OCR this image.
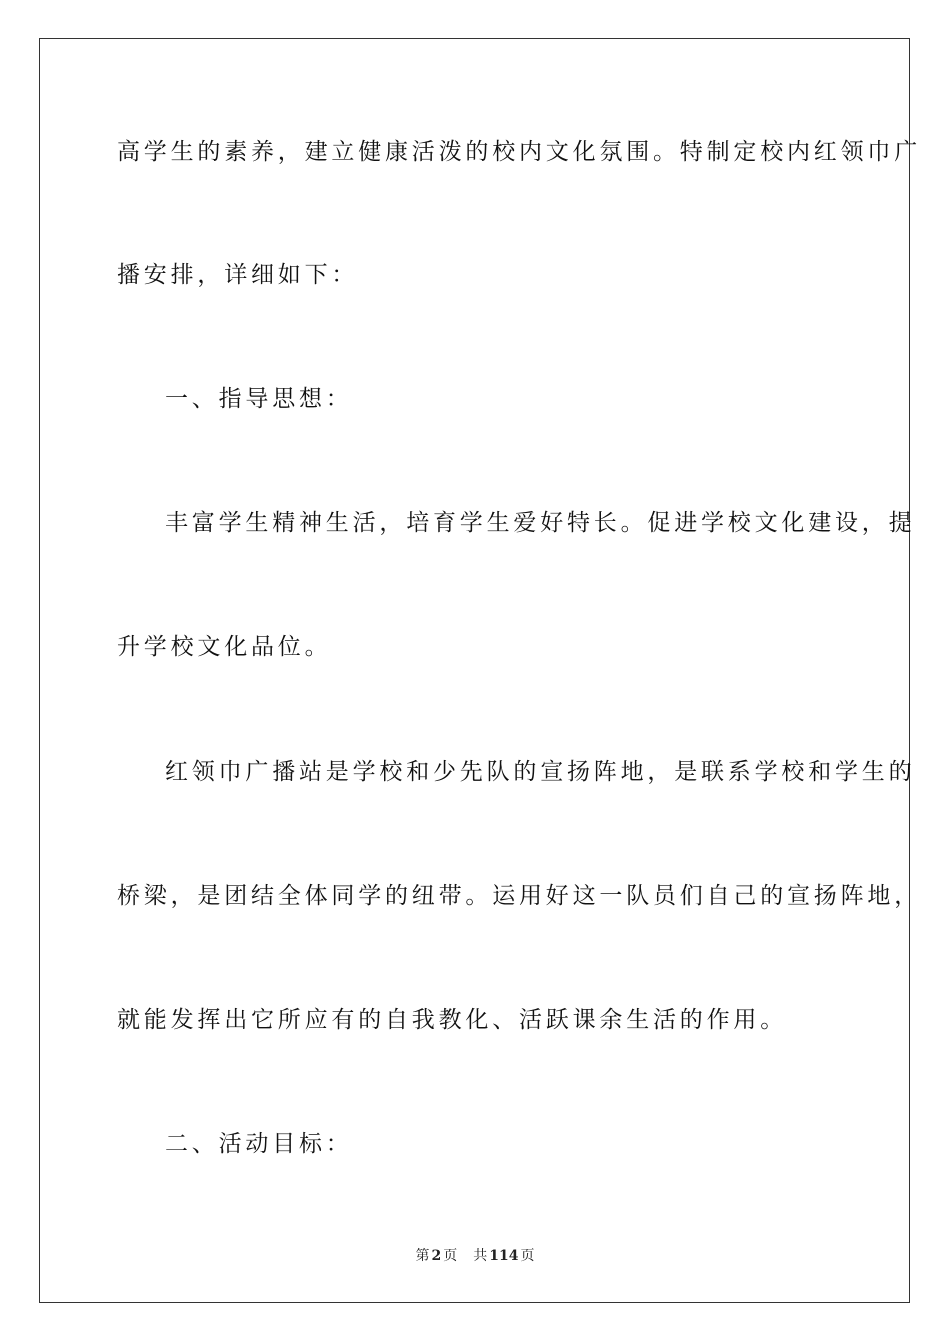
高学生的素养，建立健康活泼的校内文化氛围。特制定校内红领巾广
播安排，详细如下：
一、指导思想：
丰富学生精神生活，培育学生爱好特长。促进学校文化建设，提
升学校文化品位。
红领巾广播站是学校和少先队的宣扬阵地，是联系学校和学生的
桥梁，是团结全体同学的纽带。运用好这一队员们自己的宣扬阵地，
就能发挥出它所应有的自我教化、活跃课余生活的作用。
二、活动目标：
第 2 页 共 114 页
